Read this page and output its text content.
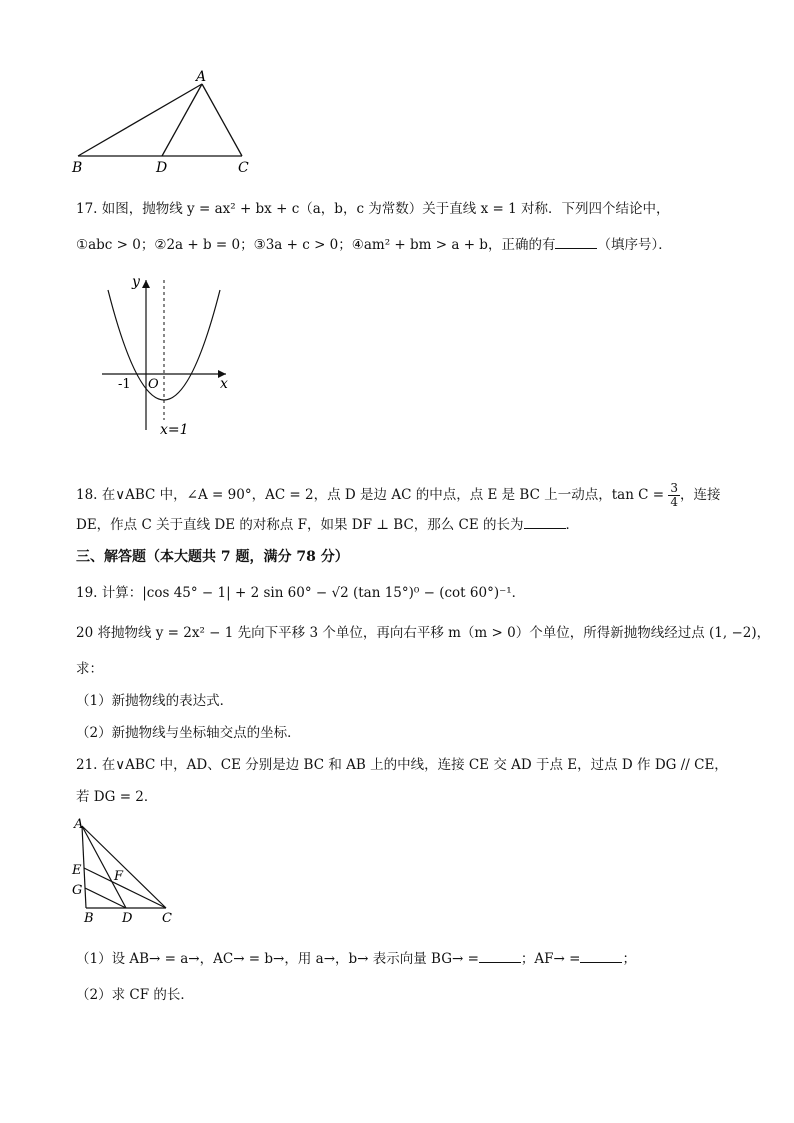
A
B	D	C
17. 如图，抛物线 y = ax² + bx + c（a，b，c 为常数）关于直线 x = 1 对称．下列四个结论中，
①abc > 0；②2a + b = 0；③3a + c > 0；④am² + bm > a + b，正确的有	（填序号）．
y
x
O
-1
x=1
18. 在∨ABC 中，∠A = 90°，AC = 2，点 D 是边 AC 的中点，点 E 是 BC 上一动点，$\tan C = \frac{3}{4}$ ，连接
DE，作点 C 关于直线 DE 的对称点 F，如果 DF ⊥ BC，那么 CE 的长为	．
三、解答题（本大题共 7 题，满分 78 分）
19. 计算：|cos 45° − 1| + 2 sin 60° − √2 (tan 15°)⁰ − (cot 60°)⁻¹．
20 将抛物线 y = 2x² − 1 先向下平移 3 个单位，再向右平移 m（m > 0）个单位，所得新抛物线经过点 (1, −2)，
求：
（1）新抛物线的表达式．
（2）新抛物线与坐标轴交点的坐标．
21. 在∨ABC 中，AD、CE 分别是边 BC 和 AB 上的中线，连接 CE 交 AD 于点 E，过点 D 作 DG // CE，
若 DG = 2．
A
E
G
F
B D C
（1）设 AB→ = a→，AC→ = b→，用 a→，b→ 表示向量 BG→ =	；AF→ =	；
（2）求 CF 的长．
